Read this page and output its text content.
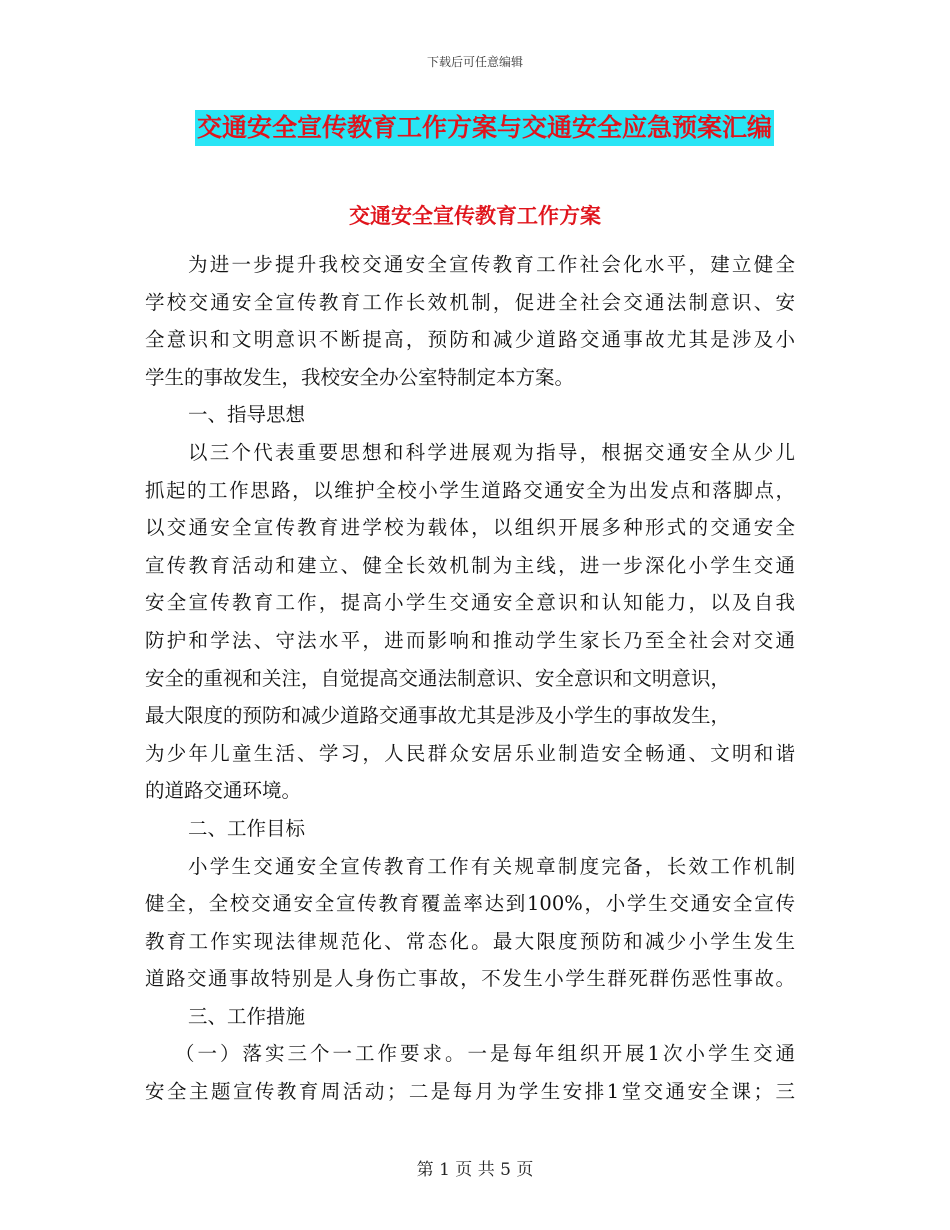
下载后可任意编辑
交通安全宣传教育工作方案与交通安全应急预案汇编
交通安全宣传教育工作方案
为进一步提升我校交通安全宣传教育工作社会化水平，建立健全
学校交通安全宣传教育工作长效机制，促进全社会交通法制意识、安
全意识和文明意识不断提高，预防和减少道路交通事故尤其是涉及小
学生的事故发生，我校安全办公室特制定本方案。
一、指导思想
以三个代表重要思想和科学进展观为指导，根据交通安全从少儿
抓起的工作思路，以维护全校小学生道路交通安全为出发点和落脚点，
以交通安全宣传教育进学校为载体，以组织开展多种形式的交通安全
宣传教育活动和建立、健全长效机制为主线，进一步深化小学生交通
安全宣传教育工作，提高小学生交通安全意识和认知能力，以及自我
防护和学法、守法水平，进而影响和推动学生家长乃至全社会对交通
安全的重视和关注，自觉提高交通法制意识、安全意识和文明意识，
最大限度的预防和减少道路交通事故尤其是涉及小学生的事故发生，
为少年儿童生活、学习，人民群众安居乐业制造安全畅通、文明和谐
的道路交通环境。
二、工作目标
小学生交通安全宣传教育工作有关规章制度完备，长效工作机制
健全，全校交通安全宣传教育覆盖率达到100%，小学生交通安全宣传
教育工作实现法律规范化、常态化。最大限度预防和减少小学生发生
道路交通事故特别是人身伤亡事故，不发生小学生群死群伤恶性事故。
三、工作措施
（一）落实三个一工作要求。一是每年组织开展1次小学生交通
安全主题宣传教育周活动；二是每月为学生安排1堂交通安全课；三
第 1 页 共 5 页
